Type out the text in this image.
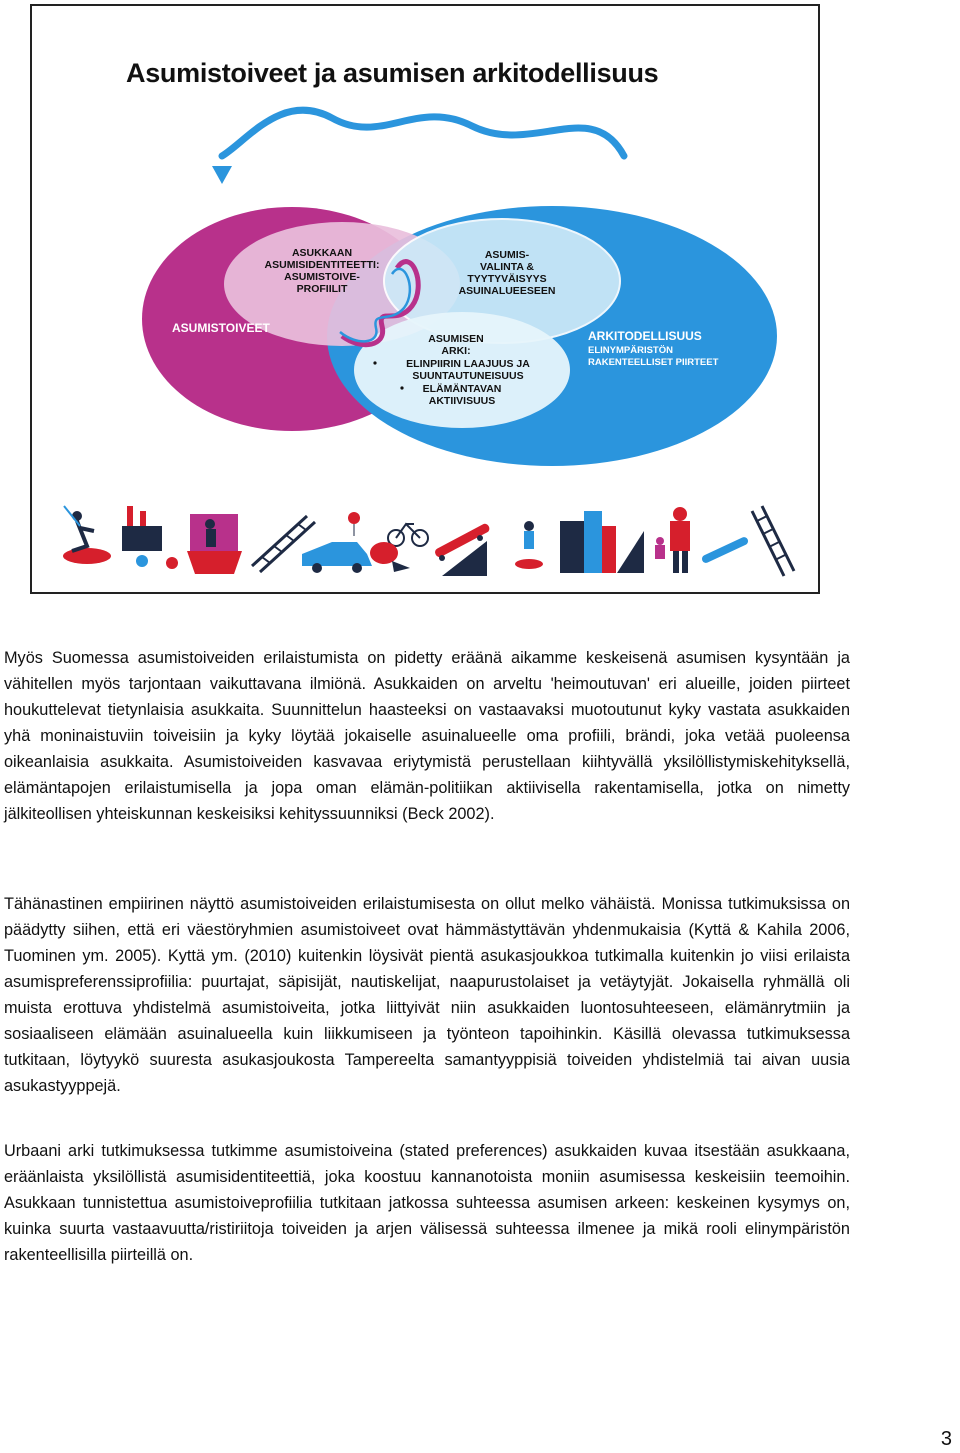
Asumistoiveet ja asumisen arkitodellisuus
ASUKKAAN
ASUMISIDENTITEETTI:
ASUMISTOIVE-
PROFIILIT
ASUMIS-
VALINTA &
TYYTYVÄISYYS
ASUINALUEESEEN
ASUMISTOIVEET
ASUMISEN
ARKI:
ELINPIIRIN LAAJUUS JA
SUUNTAUTUNEISUUS
ELÄMÄNTAVAN
AKTIIVISUUS
ARKITODELLISUUS
ELINYMPÄRISTÖN
RAKENTEELLISET PIIRTEET

Myös Suomessa asumistoiveiden erilaistumista on pidetty eräänä aikamme keskeisenä asumisen kysyntään ja vähitellen myös tarjontaan vaikuttavana ilmiönä. Asukkaiden on arveltu 'heimoutuvan' eri alueille, joiden piirteet houkuttelevat tietynlaisia asukkaita. Suunnittelun haasteeksi on vastaavaksi muotoutunut kyky vastata asukkaiden yhä moninaistuviin toiveisiin ja kyky löytää jokaiselle asuinalueelle oma profiili, brändi, joka vetää puoleensa oikeanlaisia asukkaita. Asumistoiveiden kasvavaa eriytymistä perustellaan kiihtyvällä yksilöllistymiskehityksellä, elämäntapojen erilaistumisella ja jopa oman elämän-politiikan aktiivisella rakentamisella, jotka on nimetty jälkiteollisen yhteiskunnan keskeisiksi kehityssuunniksi (Beck 2002).

Tähänastinen empiirinen näyttö asumistoiveiden erilaistumisesta on ollut melko vähäistä. Monissa tutkimuksissa on päädytty siihen, että eri väestöryhmien asumistoiveet ovat hämmästyttävän yhdenmukaisia (Kyttä & Kahila 2006, Tuominen ym. 2005). Kyttä ym. (2010) kuitenkin löysivät pientä asukasjoukkoa tutkimalla kuitenkin jo viisi erilaista asumispreferenssiprofiilia: puurtajat, säpisijät, nautiskelijat, naapurustolaiset ja vetäytyjät. Jokaisella ryhmällä oli muista erottuva yhdistelmä asumistoiveita, jotka liittyivät niin asukkaiden luontosuhteeseen, elämänrytmiin ja sosiaaliseen elämään asuinalueella kuin liikkumiseen ja työnteon tapoihinkin. Käsillä olevassa tutkimuksessa tutkitaan, löytyykö suuresta asukasjoukosta Tampereelta samantyyppisiä toiveiden yhdistelmiä tai aivan uusia asukastyyppejä.

Urbaani arki tutkimuksessa tutkimme asumistoiveina (stated preferences) asukkaiden kuvaa itsestään asukkaana, eräänlaista yksilöllistä asumisidentiteettiä, joka koostuu kannanotoista moniin asumisessa keskeisiin teemoihin. Asukkaan tunnistettua asumistoiveprofiilia tutkitaan jatkossa suhteessa asumisen arkeen: keskeinen kysymys on, kuinka suurta vastaavuutta/ristiriitoja toiveiden ja arjen välisessä suhteessa ilmenee ja mikä rooli elinympäristön rakenteellisilla piirteillä on.

3
